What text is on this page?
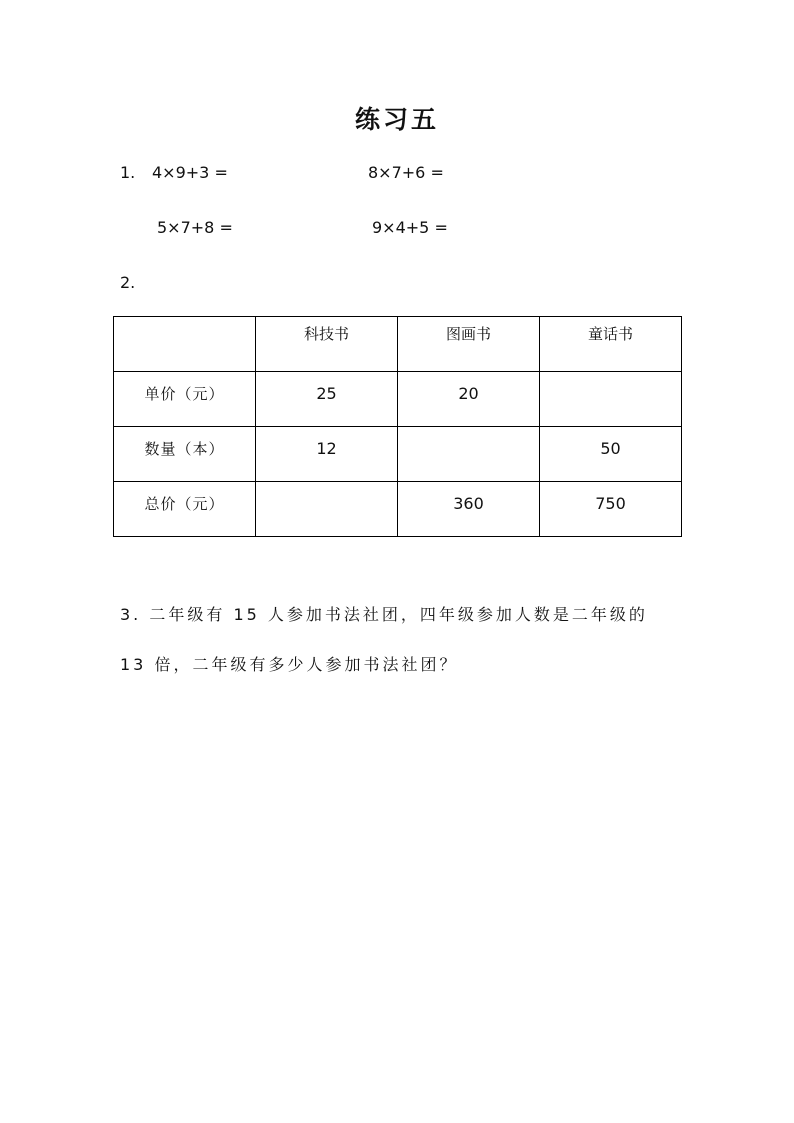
练习五
1. 4×9+3 =	8×7+6 =
5×7+8 =	9×4+5 =
2.
	科技书	图画书	童话书
单价（元）	25	20	
数量（本）	12		50
总价（元）		360	750
3. 二年级有 15 人参加书法社团，四年级参加人数是二年级的
13 倍，二年级有多少人参加书法社团？
